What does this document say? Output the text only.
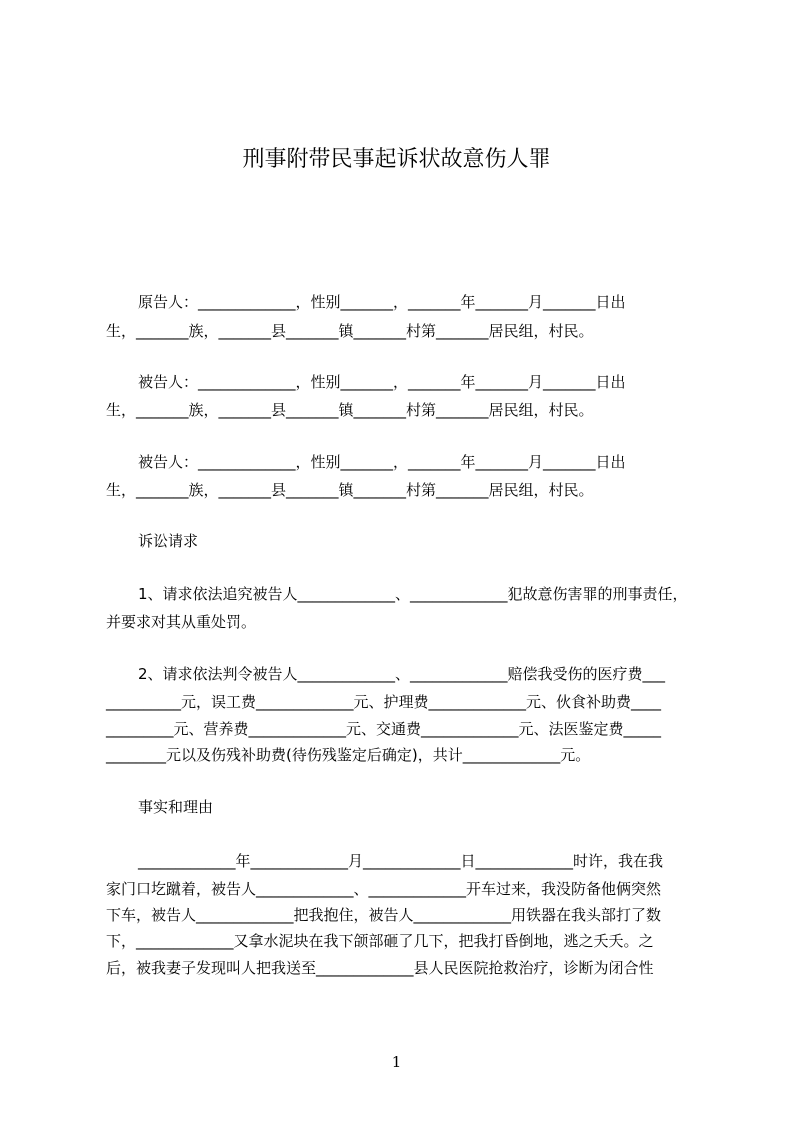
刑事附带民事起诉状故意伤人罪
原告人：_____________，性别_______，_______年_______月_______日出
生，_______族，_______县_______镇_______村第_______居民组，村民。
被告人：_____________，性别_______，_______年_______月_______日出
生，_______族，_______县_______镇_______村第_______居民组，村民。
被告人：_____________，性别_______，_______年_______月_______日出
生，_______族，_______县_______镇_______村第_______居民组，村民。
诉讼请求
1、请求依法追究被告人_____________、_____________犯故意伤害罪的刑事责任，
并要求对其从重处罚。
2、请求依法判令被告人_____________、_____________赔偿我受伤的医疗费___
__________元，误工费_____________元、护理费_____________元、伙食补助费____
_________元、营养费_____________元、交通费_____________元、法医鉴定费_____
________元以及伤残补助费(待伤残鉴定后确定)，共计_____________元。
事实和理由
_____________年_____________月_____________日_____________时许，我在我
家门口圪蹴着，被告人_____________、_____________开车过来，我没防备他俩突然
下车，被告人_____________把我抱住，被告人_____________用铁器在我头部打了数
下，_____________又拿水泥块在我下颌部砸了几下，把我打昏倒地，逃之夭夭。之
后，被我妻子发现叫人把我送至_____________县人民医院抢救治疗，诊断为闭合性
1
